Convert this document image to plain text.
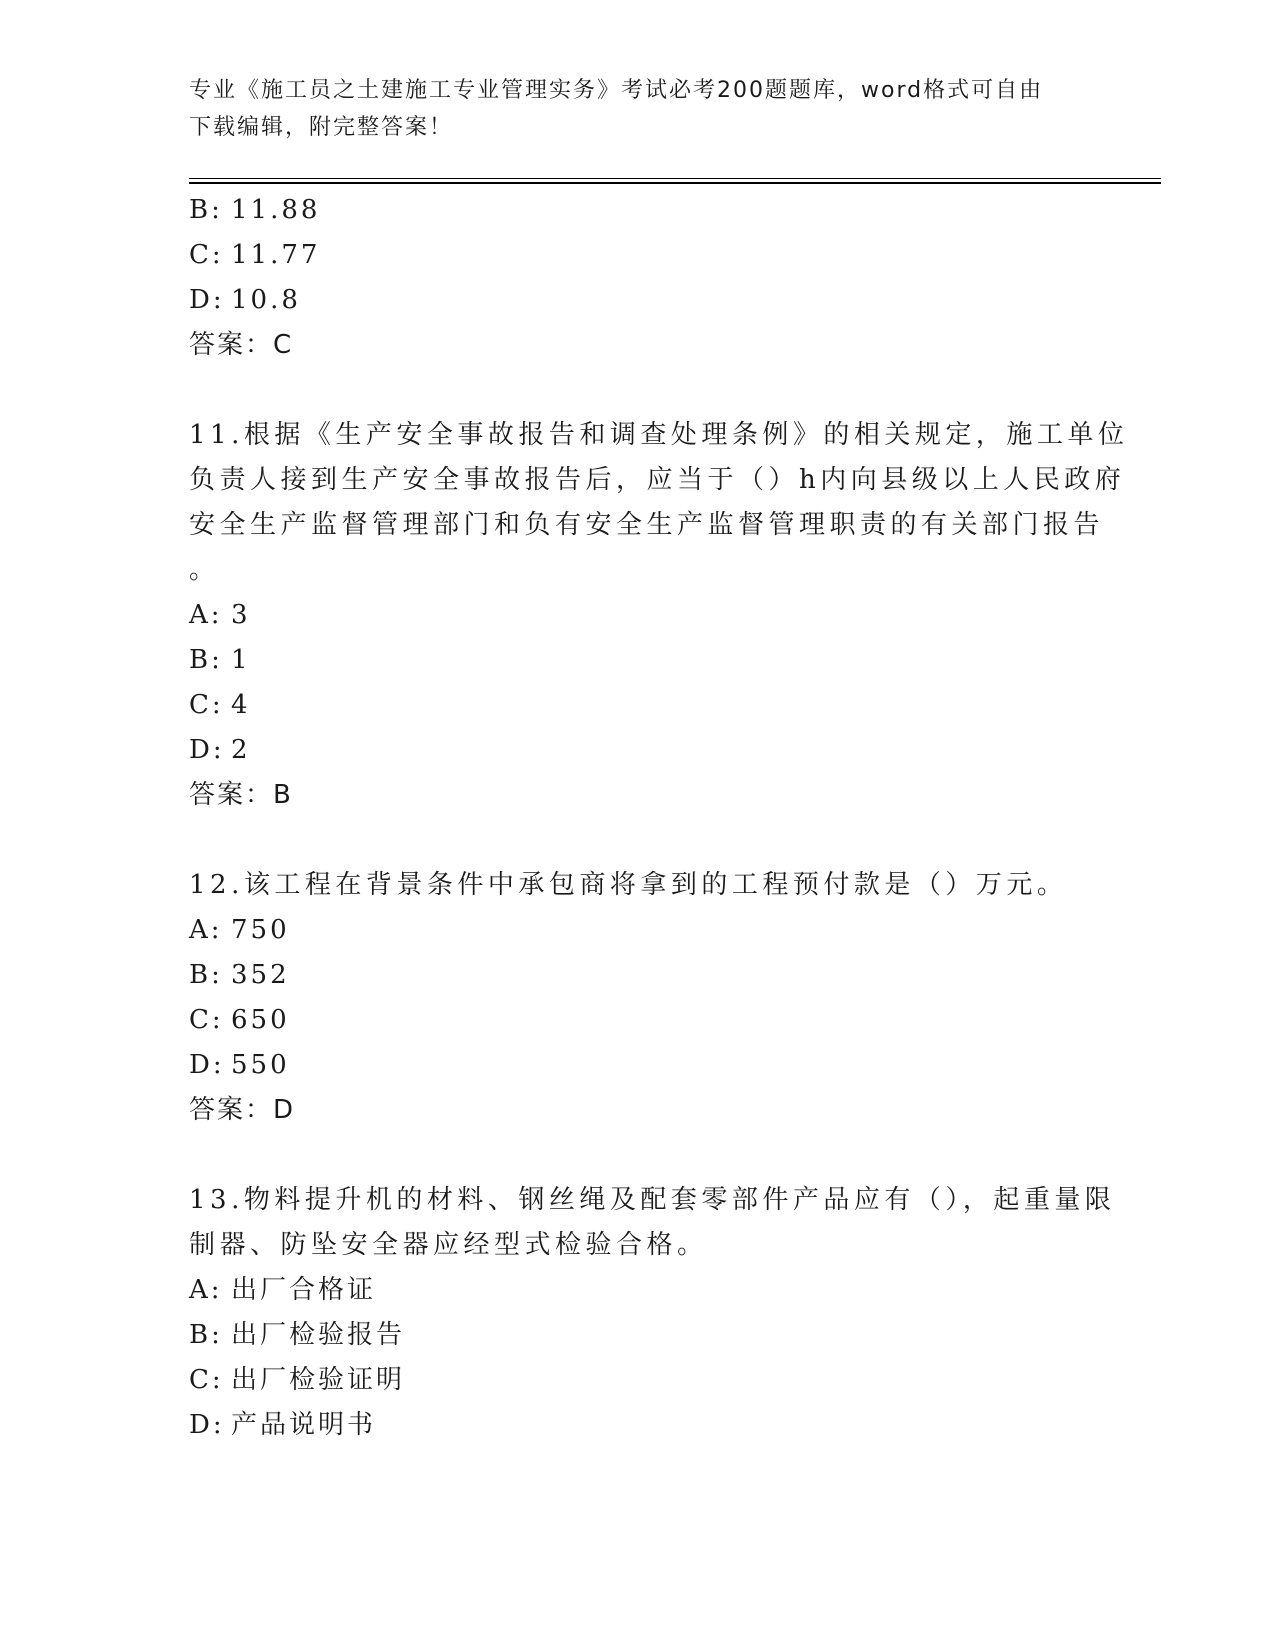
专业《施工员之土建施工专业管理实务》考试必考200题题库，word格式可自由
下载编辑，附完整答案！
B: 11.88
C: 11.77
D: 10.8
答案：C
11.根据《生产安全事故报告和调查处理条例》的相关规定，施工单位
负责人接到生产安全事故报告后，应当于（）h内向县级以上人民政府
安全生产监督管理部门和负有安全生产监督管理职责的有关部门报告
。
A: 3
B: 1
C: 4
D: 2
答案：B
12.该工程在背景条件中承包商将拿到的工程预付款是（）万元。
A: 750
B: 352
C: 650
D: 550
答案：D
13.物料提升机的材料、钢丝绳及配套零部件产品应有（），起重量限
制器、防坠安全器应经型式检验合格。
A: 出厂合格证
B: 出厂检验报告
C: 出厂检验证明
D: 产品说明书
